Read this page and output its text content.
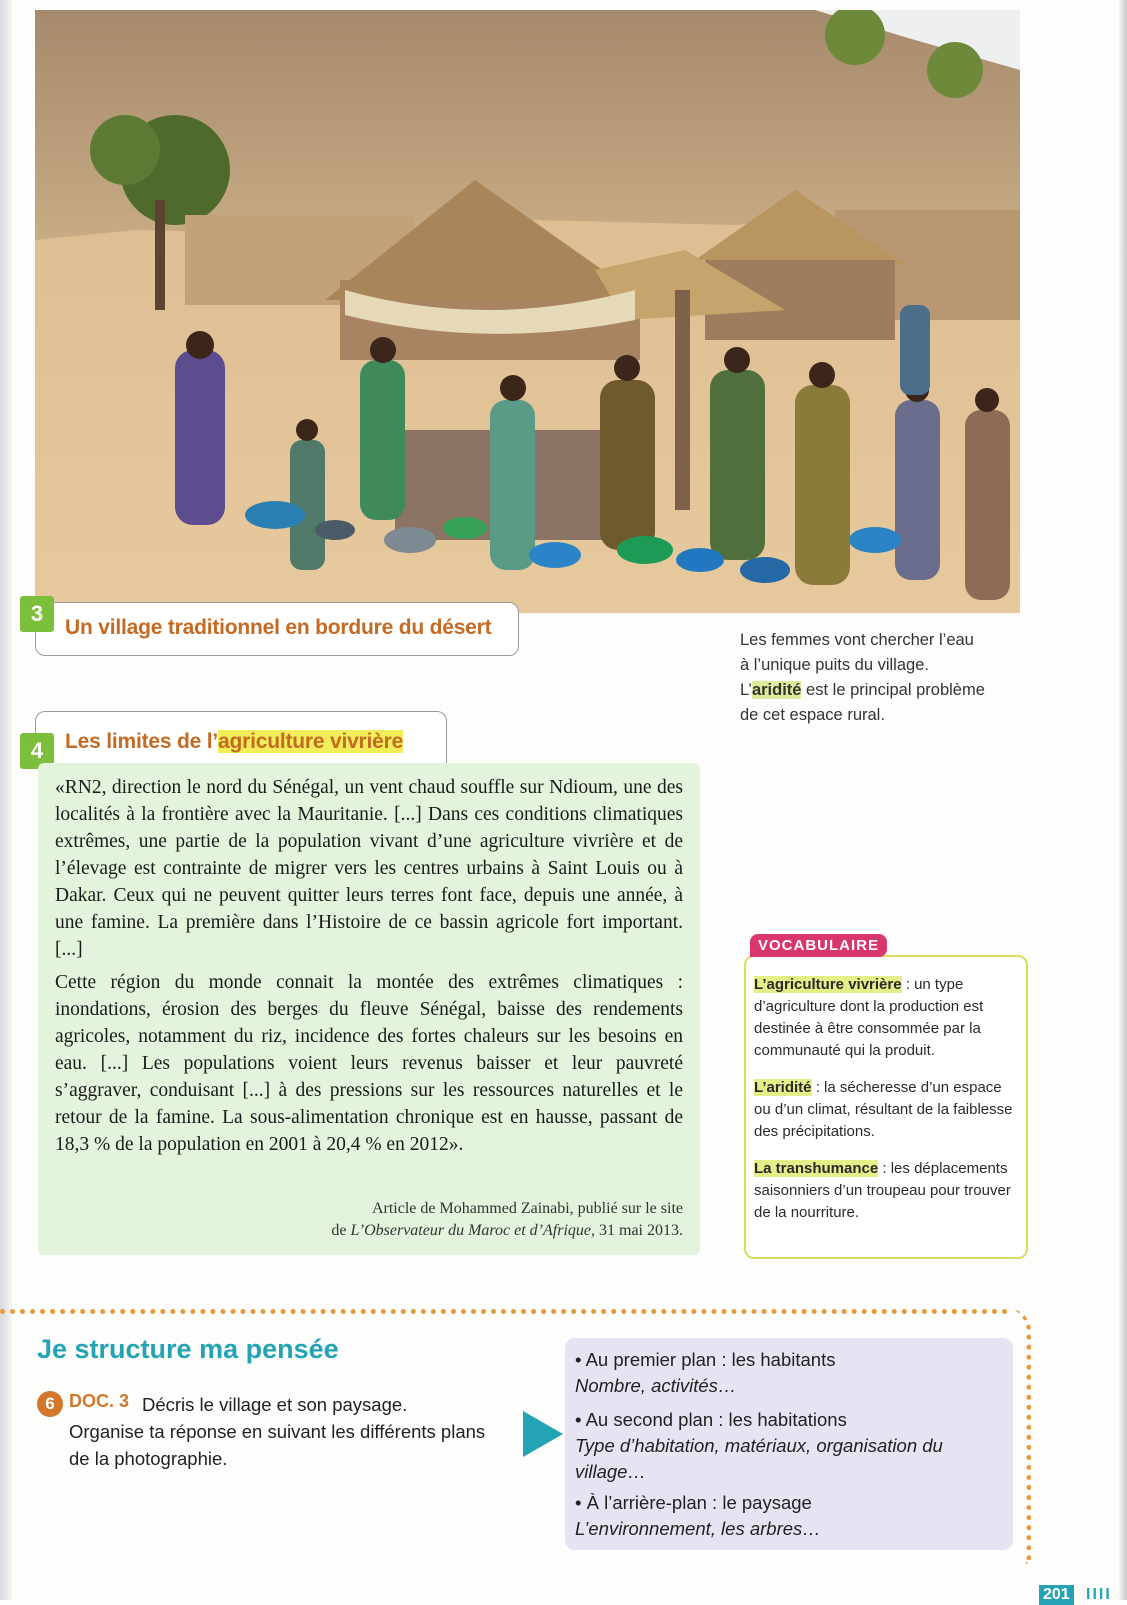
3
Un village traditionnel en bordure du désert
Les femmes vont chercher l’eau
à l’unique puits du village.
L’aridité est le principal problème
de cet espace rural.
4	Les limites de l’agriculture vivrière

«RN2, direction le nord du Sénégal, un vent chaud souffle sur Ndioum, une des localités à la frontière avec la Mauritanie. [...] Dans ces conditions climatiques extrêmes, une partie de la population vivant d’une agriculture vivrière et de l’élevage est contrainte de migrer vers les centres urbains à Saint Louis ou à Dakar. Ceux qui ne peuvent quitter leurs terres font face, depuis une année, à une famine. La première dans l’Histoire de ce bassin agricole fort important. [...]

Cette région du monde connait la montée des extrêmes climatiques : inondations, érosion des berges du fleuve Sénégal, baisse des rendements agricoles, notamment du riz, incidence des fortes chaleurs sur les besoins en eau. [...] Les populations voient leurs revenus baisser et leur pauvreté s’aggraver, conduisant [...] à des pressions sur les ressources naturelles et le retour de la famine. La sous-alimentation chronique est en hausse, passant de 18,3 % de la population en 2001 à 20,4 % en 2012».

Article de Mohammed Zainabi, publié sur le site
de L’Observateur du Maroc et d’Afrique, 31 mai 2013.
VOCABULAIRE
L’agriculture vivrière : un type d’agriculture dont la production est destinée à être consommée par la communauté qui la produit.
L’aridité : la sécheresse d’un espace ou d’un climat, résultant de la faiblesse des précipitations.
La transhumance : les déplacements saisonniers d’un troupeau pour trouver de la nourriture.
Je structure ma pensée
6 DOC. 3 Décris le village et son paysage.
Organise ta réponse en suivant les différents plans de la photographie.
• Au premier plan : les habitants
Nombre, activités…
• Au second plan : les habitations
Type d’habitation, matériaux, organisation du village…
• À l’arrière-plan : le paysage
L’environnement, les arbres…
201 IIII
